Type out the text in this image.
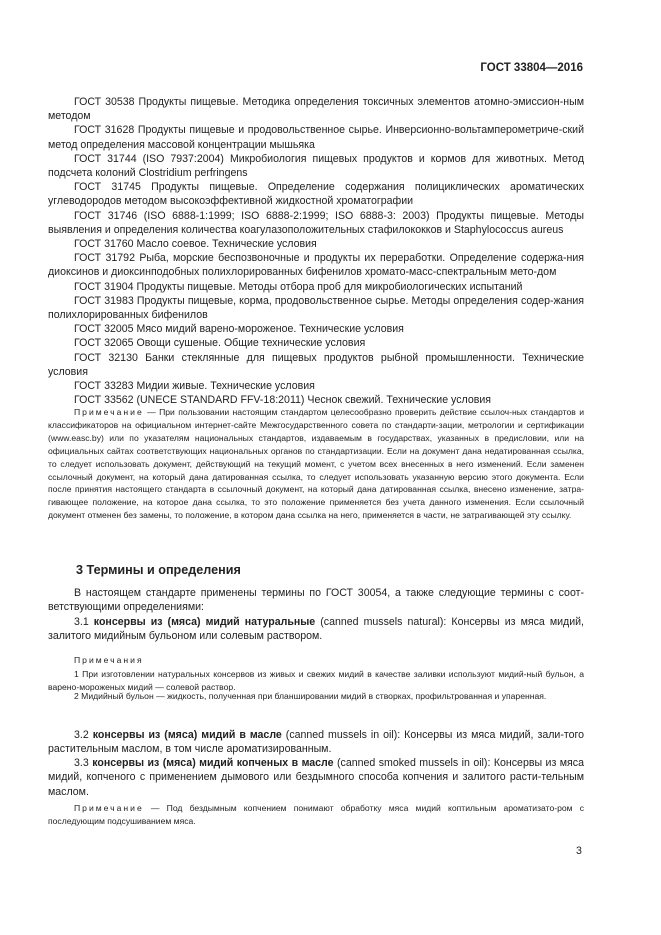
ГОСТ 33804—2016

ГОСТ 30538 Продукты пищевые. Методика определения токсичных элементов атомно-эмиссион-ным методом

ГОСТ 31628 Продукты пищевые и продовольственное сырье. Инверсионно-вольтамперометриче-ский метод определения массовой концентрации мышьяка

ГОСТ 31744 (ISO 7937:2004) Микробиология пищевых продуктов и кормов для животных. Метод подсчета колоний Clostridium perfringens

ГОСТ 31745 Продукты пищевые. Определение содержания полициклических ароматических углеводородов методом высокоэффективной жидкостной хроматографии

ГОСТ 31746 (ISO 6888-1:1999; ISO 6888-2:1999; ISO 6888-3: 2003) Продукты пищевые. Методы выявления и определения количества коагулазоположительных стафилококков и Staphylococcus aureus

ГОСТ 31760 Масло соевое. Технические условия

ГОСТ 31792 Рыба, морские беспозвоночные и продукты их переработки. Определение содержа-ния диоксинов и диоксинподобных полихлорированных бифенилов хромато-масс-спектральным мето-дом

ГОСТ 31904 Продукты пищевые. Методы отбора проб для микробиологических испытаний

ГОСТ 31983 Продукты пищевые, корма, продовольственное сырье. Методы определения содер-жания полихлорированных бифенилов

ГОСТ 32005 Мясо мидий варено-мороженое. Технические условия

ГОСТ 32065 Овощи сушеные. Общие технические условия

ГОСТ 32130 Банки стеклянные для пищевых продуктов рыбной промышленности. Технические условия

ГОСТ 33283 Мидии живые. Технические условия

ГОСТ 33562 (UNECE STANDARD FFV-18:2011) Чеснок свежий. Технические условия

Примечание — При пользовании настоящим стандартом целесообразно проверить действие ссылоч-ных стандартов и классификаторов на официальном интернет-сайте Межгосударственного совета по стандарти-зации, метрологии и сертификации (www.easc.by) или по указателям национальных стандартов, издаваемым в государствах, указанных в предисловии, или на официальных сайтах соответствующих национальных органов по стандартизации. Если на документ дана недатированная ссылка, то следует использовать документ, действующий на текущий момент, с учетом всех внесенных в него изменений. Если заменен ссылочный документ, на который дана датированная ссылка, то следует использовать указанную версию этого документа. Если после принятия настоящего стандарта в ссылочный документ, на который дана датированная ссылка, внесено изменение, затра-гивающее положение, на которое дана ссылка, то это положение применяется без учета данного изменения. Если ссылочный документ отменен без замены, то положение, в котором дана ссылка на него, применяется в части, не затрагивающей эту ссылку.
3 Термины и определения
В настоящем стандарте применены термины по ГОСТ 30054, а также следующие термины с соот-ветствующими определениями:
3.1 консервы из (мяса) мидий натуральные (canned mussels natural): Консервы из мяса мидий, залитого мидийным бульоном или солевым раствором.
Примечания
1 При изготовлении натуральных консервов из живых и свежих мидий в качестве заливки используют мидий-ный бульон, а варено-мороженых мидий — солевой раствор.
2 Мидийный бульон — жидкость, полученная при бланшировании мидий в створках, профильтрованная и упаренная.
3.2 консервы из (мяса) мидий в масле (canned mussels in oil): Консервы из мяса мидий, зали-того растительным маслом, в том числе ароматизированным.
3.3 консервы из (мяса) мидий копченых в масле (canned smoked mussels in oil): Консервы из мяса мидий, копченого с применением дымового или бездымного способа копчения и залитого расти-тельным маслом.
Примечание — Под бездымным копчением понимают обработку мяса мидий коптильным ароматизато-ром с последующим подсушиванием мяса.
3
